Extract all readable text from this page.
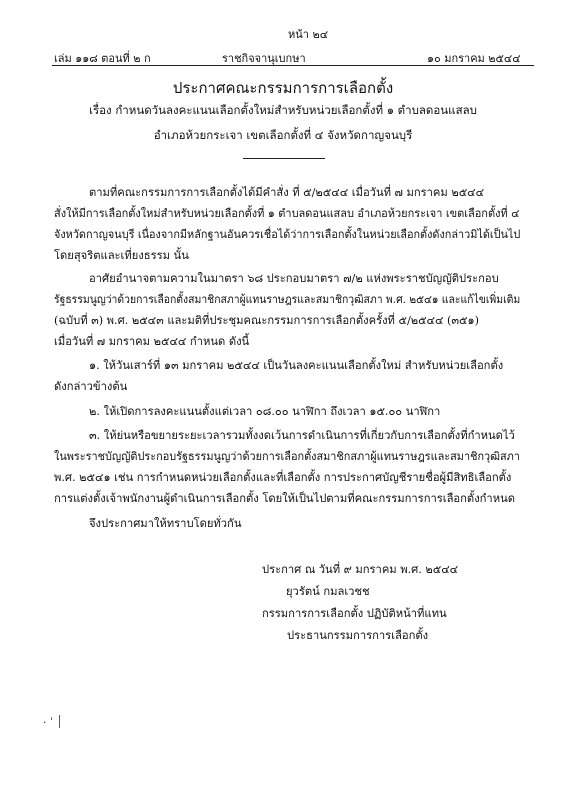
หน้า ๒๔
เล่ม ๑๑๘ ตอนที่ ๒ ก	ราชกิจจานุเบกษา	๑๐ มกราคม ๒๕๔๔
ประกาศคณะกรรมการการเลือกตั้ง
เรื่อง กำหนดวันลงคะแนนเลือกตั้งใหม่สำหรับหน่วยเลือกตั้งที่ ๑ ตำบลดอนแสลบ
อำเภอห้วยกระเจา เขตเลือกตั้งที่ ๔ จังหวัดกาญจนบุรี
ตามที่คณะกรรมการการเลือกตั้งได้มีคำสั่ง ที่ ๕/๒๕๔๔ เมื่อวันที่ ๗ มกราคม ๒๕๔๔
สั่งให้มีการเลือกตั้งใหม่สำหรับหน่วยเลือกตั้งที่ ๑ ตำบลดอนแสลบ อำเภอห้วยกระเจา เขตเลือกตั้งที่ ๔
จังหวัดกาญจนบุรี เนื่องจากมีหลักฐานอันควรเชื่อได้ว่าการเลือกตั้งในหน่วยเลือกตั้งดังกล่าวมิได้เป็นไป
โดยสุจริตและเที่ยงธรรม นั้น
อาศัยอำนาจตามความในมาตรา ๖๘ ประกอบมาตรา ๗/๒ แห่งพระราชบัญญัติประกอบ
รัฐธรรมนูญว่าด้วยการเลือกตั้งสมาชิกสภาผู้แทนราษฎรและสมาชิกวุฒิสภา พ.ศ. ๒๕๔๑ และแก้ไขเพิ่มเติม
(ฉบับที่ ๓) พ.ศ. ๒๕๔๓ และมติที่ประชุมคณะกรรมการการเลือกตั้งครั้งที่ ๕/๒๕๔๔ (๓๕๑)
เมื่อวันที่ ๗ มกราคม ๒๕๔๔ กำหนด ดังนี้
๑. ให้วันเสาร์ที่ ๑๓ มกราคม ๒๕๔๔ เป็นวันลงคะแนนเลือกตั้งใหม่ สำหรับหน่วยเลือกตั้ง
ดังกล่าวข้างต้น
๒. ให้เปิดการลงคะแนนตั้งแต่เวลา ๐๘.๐๐ นาฬิกา ถึงเวลา ๑๕.๐๐ นาฬิกา
๓. ให้ย่นหรือขยายระยะเวลารวมทั้งงดเว้นการดำเนินการที่เกี่ยวกับการเลือกตั้งที่กำหนดไว้
ในพระราชบัญญัติประกอบรัฐธรรมนูญว่าด้วยการเลือกตั้งสมาชิกสภาผู้แทนราษฎรและสมาชิกวุฒิสภา
พ.ศ. ๒๕๔๑ เช่น การกำหนดหน่วยเลือกตั้งและที่เลือกตั้ง การประกาศบัญชีรายชื่อผู้มีสิทธิเลือกตั้ง
การแต่งตั้งเจ้าพนักงานผู้ดำเนินการเลือกตั้ง โดยให้เป็นไปตามที่คณะกรรมการการเลือกตั้งกำหนด
จึงประกาศมาให้ทราบโดยทั่วกัน
ประกาศ ณ วันที่ ๙ มกราคม พ.ศ. ๒๕๔๔
ยุวรัตน์ กมลเวชช
กรรมการการเลือกตั้ง ปฏิบัติหน้าที่แทน
ประธานกรรมการการเลือกตั้ง
· ˈ ׀
